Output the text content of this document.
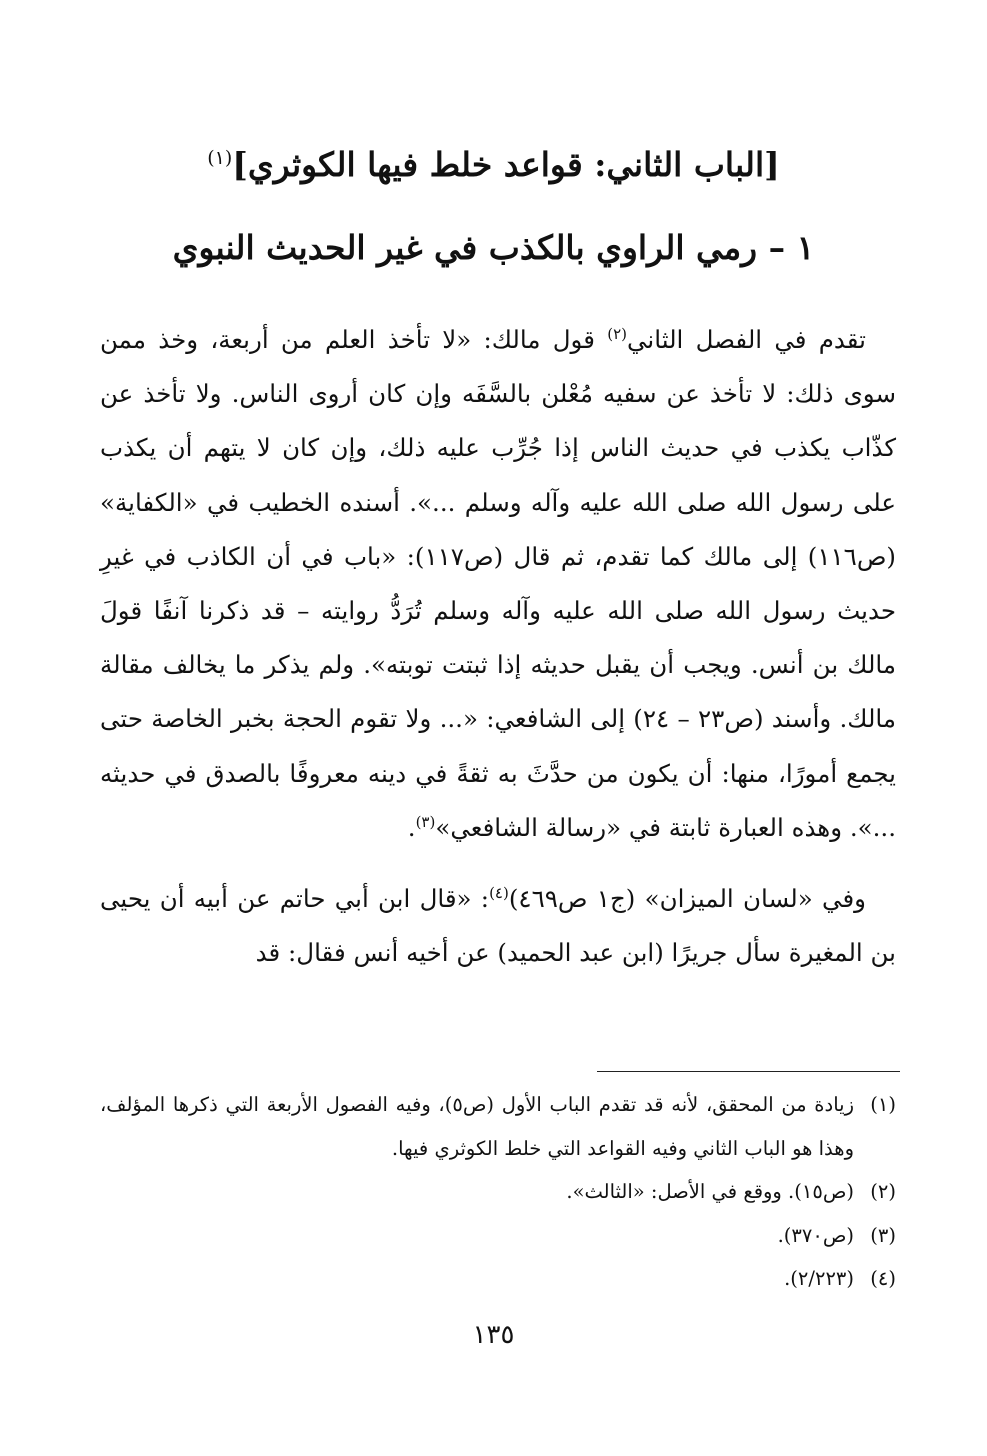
[الباب الثاني: قواعد خلط فيها الكوثري]$^{(١)}$
١ – رمي الراوي بالكذب في غير الحديث النبوي

تقدم في الفصل الثاني$^{(٢)}$ قول مالك: «لا تأخذ العلم من أربعة، وخذ ممن سوى ذلك: لا تأخذ عن سفيه مُعْلن بالسَّفَه وإن كان أروى الناس. ولا تأخذ عن كذّاب يكذب في حديث الناس إذا جُرِّب عليه ذلك، وإن كان لا يتهم أن يكذب على رسول الله صلى الله عليه وآله وسلم ...». أسنده الخطيب في «الكفاية» (ص١١٦) إلى مالك كما تقدم، ثم قال (ص١١٧): «باب في أن الكاذب في غيرِ حديث رسول الله صلى الله عليه وآله وسلم تُرَدُّ روايته – قد ذكرنا آنفًا قولَ مالك بن أنس. ويجب أن يقبل حديثه إذا ثبتت توبته». ولم يذكر ما يخالف مقالة مالك. وأسند (ص٢٣ – ٢٤) إلى الشافعي: «... ولا تقوم الحجة بخبر الخاصة حتى يجمع أمورًا، منها: أن يكون من حدَّثَ به ثقةً في دينه معروفًا بالصدق في حديثه ...». وهذه العبارة ثابتة في «رسالة الشافعي»$^{(٣)}$.

وفي «لسان الميزان» (ج١ ص٤٦٩)$^{(٤)}$: «قال ابن أبي حاتم عن أبيه أن يحيى بن المغيرة سأل جريرًا (ابن عبد الحميد) عن أخيه أنس فقال: قد

(١)زيادة من المحقق، لأنه قد تقدم الباب الأول (ص٥)، وفيه الفصول الأربعة التي ذكرها المؤلف، وهذا هو الباب الثاني وفيه القواعد التي خلط الكوثري فيها.
(٢)(ص١٥). ووقع في الأصل: «الثالث».
(٣)(ص٣٧٠).
(٤)(٢/٢٢٣).
١٣٥
